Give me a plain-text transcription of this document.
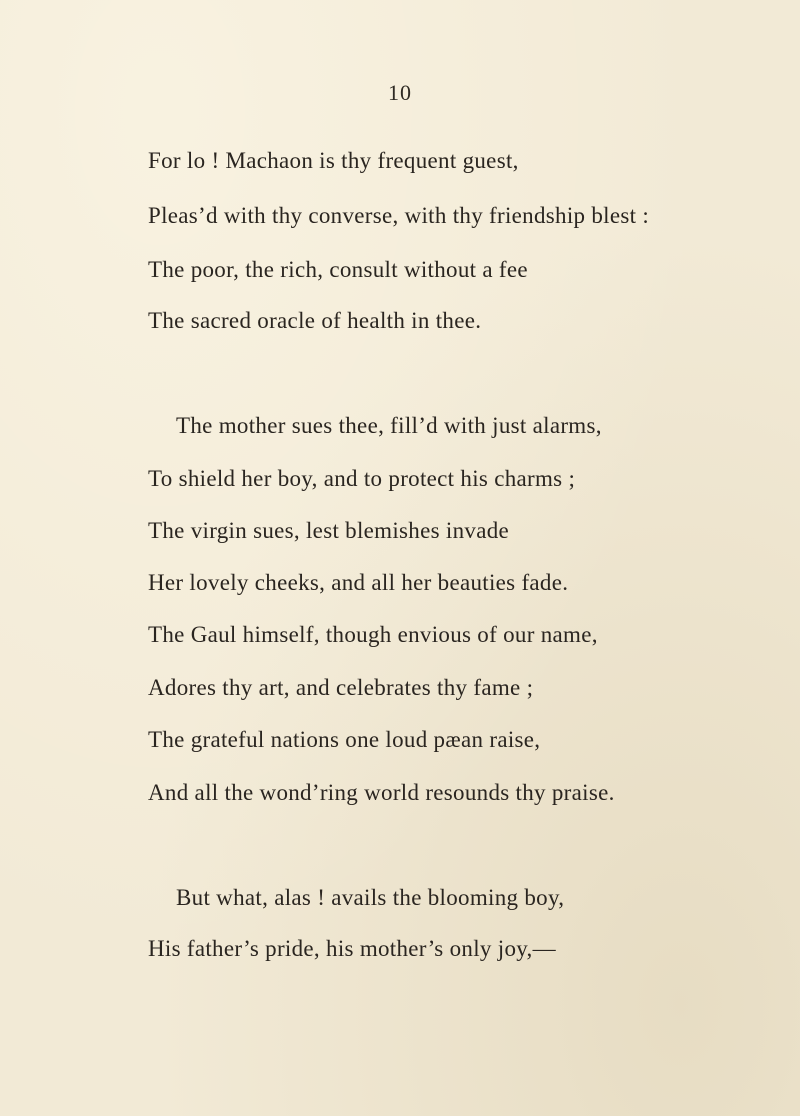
10
For lo ! Machaon is thy frequent guest,
Pleas’d with thy converse, with thy friendship blest :
The poor, the rich, consult without a fee
The sacred oracle of health in thee.
The mother sues thee, fill’d with just alarms,
To shield her boy, and to protect his charms ;
The virgin sues, lest blemishes invade
Her lovely cheeks, and all her beauties fade.
The Gaul himself, though envious of our name,
Adores thy art, and celebrates thy fame ;
The grateful nations one loud pæan raise,
And all the wond’ring world resounds thy praise.
But what, alas ! avails the blooming boy,
His father’s pride, his mother’s only joy,—
